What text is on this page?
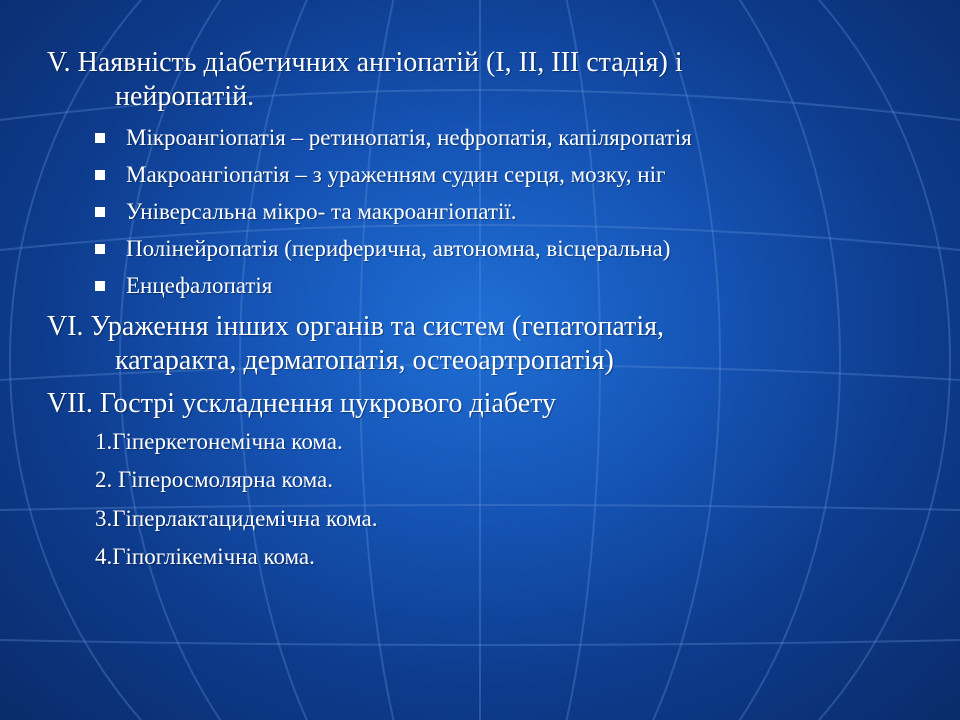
V. Наявність діабетичних ангіопатій (I, II, III стадія) і
нейропатій.
Мікроангіопатія – ретинопатія, нефропатія, капіляропатія
Макроангіопатія – з ураженням судин серця, мозку, ніг
Універсальна мікро- та макроангіопатії.
Полінейропатія (периферична, автономна, вісцеральна)
Енцефалопатія
VI. Ураження інших органів та систем (гепатопатія,
катаракта, дерматопатія, остеоартропатія)
VII. Гострі ускладнення цукрового діабету
1.Гіперкетонемічна кома.
2. Гіперосмолярна кома.
3.Гіперлактацидемічна кома.
4.Гіпоглікемічна кома.
